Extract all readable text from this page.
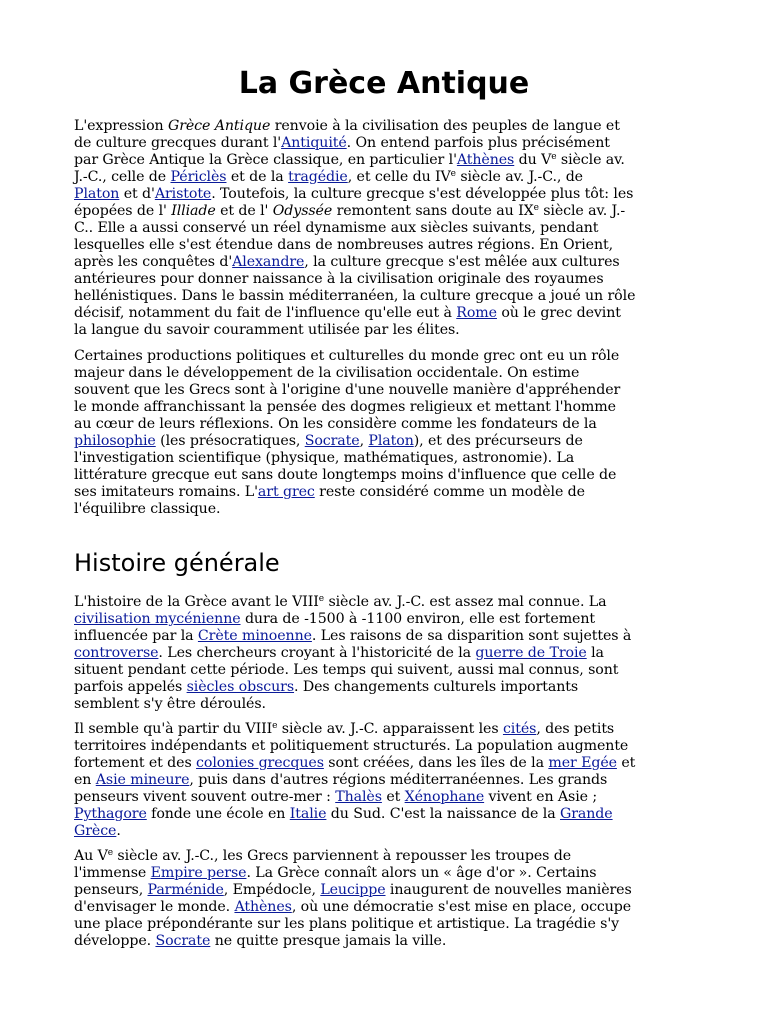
La Grèce Antique
L'expression Grèce Antique renvoie à la civilisation des peuples de langue et
de culture grecques durant l'Antiquité. On entend parfois plus précisément
par Grèce Antique la Grèce classique, en particulier l'Athènes du Ve siècle av.
J.-C., celle de Périclès et de la tragédie, et celle du IVe siècle av. J.-C., de
Platon et d'Aristote. Toutefois, la culture grecque s'est développée plus tôt: les
épopées de l' Illiade et de l' Odyssée remontent sans doute au IXe siècle av. J.-
C.. Elle a aussi conservé un réel dynamisme aux siècles suivants, pendant
lesquelles elle s'est étendue dans de nombreuses autres régions. En Orient,
après les conquêtes d'Alexandre, la culture grecque s'est mêlée aux cultures
antérieures pour donner naissance à la civilisation originale des royaumes
hellénistiques. Dans le bassin méditerranéen, la culture grecque a joué un rôle
décisif, notamment du fait de l'influence qu'elle eut à Rome où le grec devint
la langue du savoir couramment utilisée par les élites.
Certaines productions politiques et culturelles du monde grec ont eu un rôle
majeur dans le développement de la civilisation occidentale. On estime
souvent que les Grecs sont à l'origine d'une nouvelle manière d'appréhender
le monde affranchissant la pensée des dogmes religieux et mettant l'homme
au cœur de leurs réflexions. On les considère comme les fondateurs de la
philosophie (les présocratiques, Socrate, Platon), et des précurseurs de
l'investigation scientifique (physique, mathématiques, astronomie). La
littérature grecque eut sans doute longtemps moins d'influence que celle de
ses imitateurs romains. L'art grec reste considéré comme un modèle de
l'équilibre classique.
Histoire générale
L'histoire de la Grèce avant le VIIIe siècle av. J.-C. est assez mal connue. La
civilisation mycénienne dura de -1500 à -1100 environ, elle est fortement
influencée par la Crète minoenne. Les raisons de sa disparition sont sujettes à
controverse. Les chercheurs croyant à l'historicité de la guerre de Troie la
situent pendant cette période. Les temps qui suivent, aussi mal connus, sont
parfois appelés siècles obscurs. Des changements culturels importants
semblent s'y être déroulés.
Il semble qu'à partir du VIIIe siècle av. J.-C. apparaissent les cités, des petits
territoires indépendants et politiquement structurés. La population augmente
fortement et des colonies grecques sont créées, dans les îles de la mer Egée et
en Asie mineure, puis dans d'autres régions méditerranéennes. Les grands
penseurs vivent souvent outre-mer : Thalès et Xénophane vivent en Asie ;
Pythagore fonde une école en Italie du Sud. C'est la naissance de la Grande
Grèce.
Au Ve siècle av. J.-C., les Grecs parviennent à repousser les troupes de
l'immense Empire perse. La Grèce connaît alors un « âge d'or ». Certains
penseurs, Parménide, Empédocle, Leucippe inaugurent de nouvelles manières
d'envisager le monde. Athènes, où une démocratie s'est mise en place, occupe
une place prépondérante sur les plans politique et artistique. La tragédie s'y
développe. Socrate ne quitte presque jamais la ville.
